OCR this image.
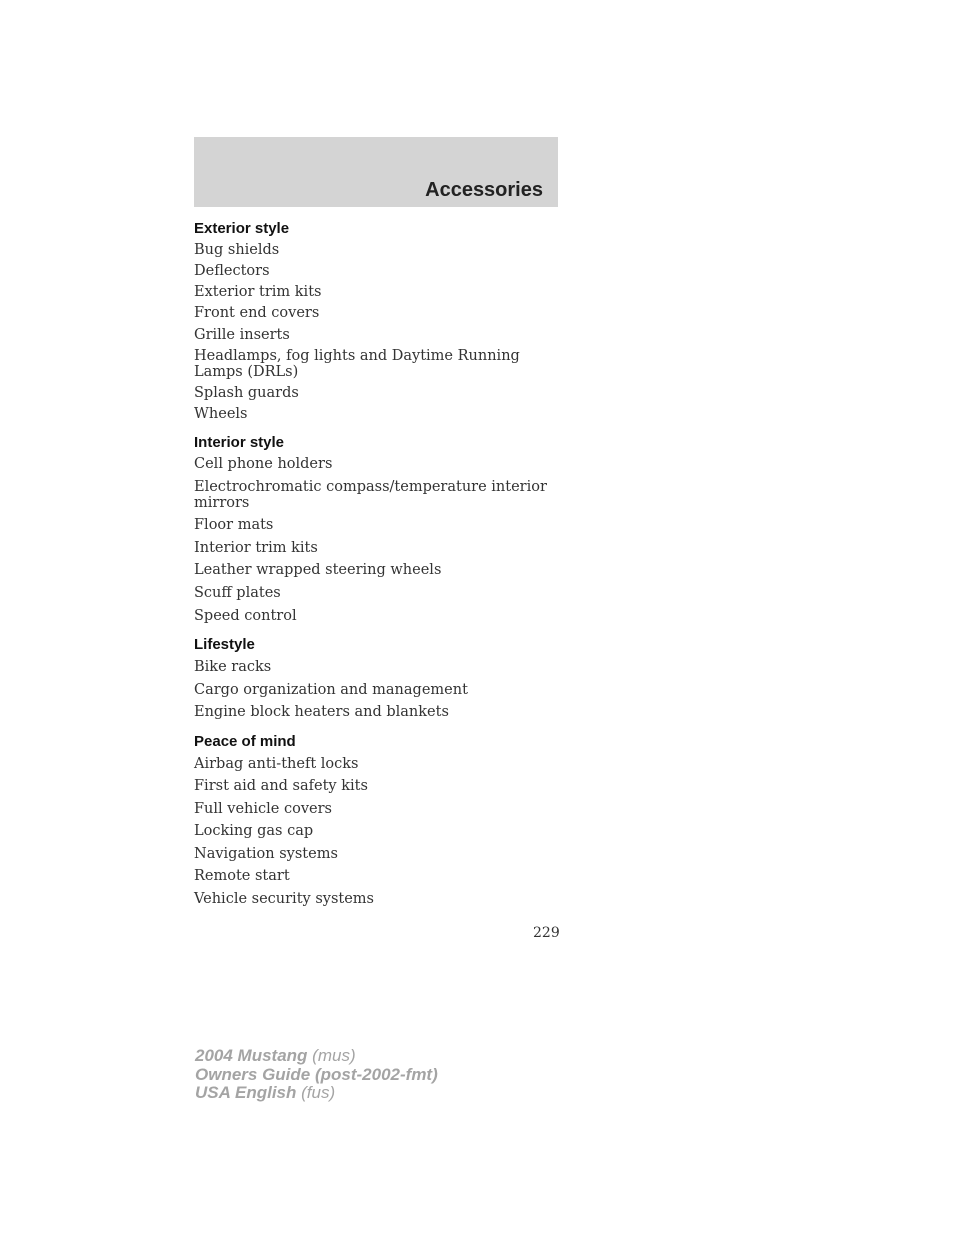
Accessories
Exterior style
Bug shields
Deflectors
Exterior trim kits
Front end covers
Grille inserts
Headlamps, fog lights and Daytime Running Lamps (DRLs)
Splash guards
Wheels
Interior style
Cell phone holders
Electrochromatic compass/temperature interior mirrors
Floor mats
Interior trim kits
Leather wrapped steering wheels
Scuff plates
Speed control
Lifestyle
Bike racks
Cargo organization and management
Engine block heaters and blankets
Peace of mind
Airbag anti-theft locks
First aid and safety kits
Full vehicle covers
Locking gas cap
Navigation systems
Remote start
Vehicle security systems
229
2004 Mustang (mus)
Owners Guide (post-2002-fmt)
USA English (fus)
